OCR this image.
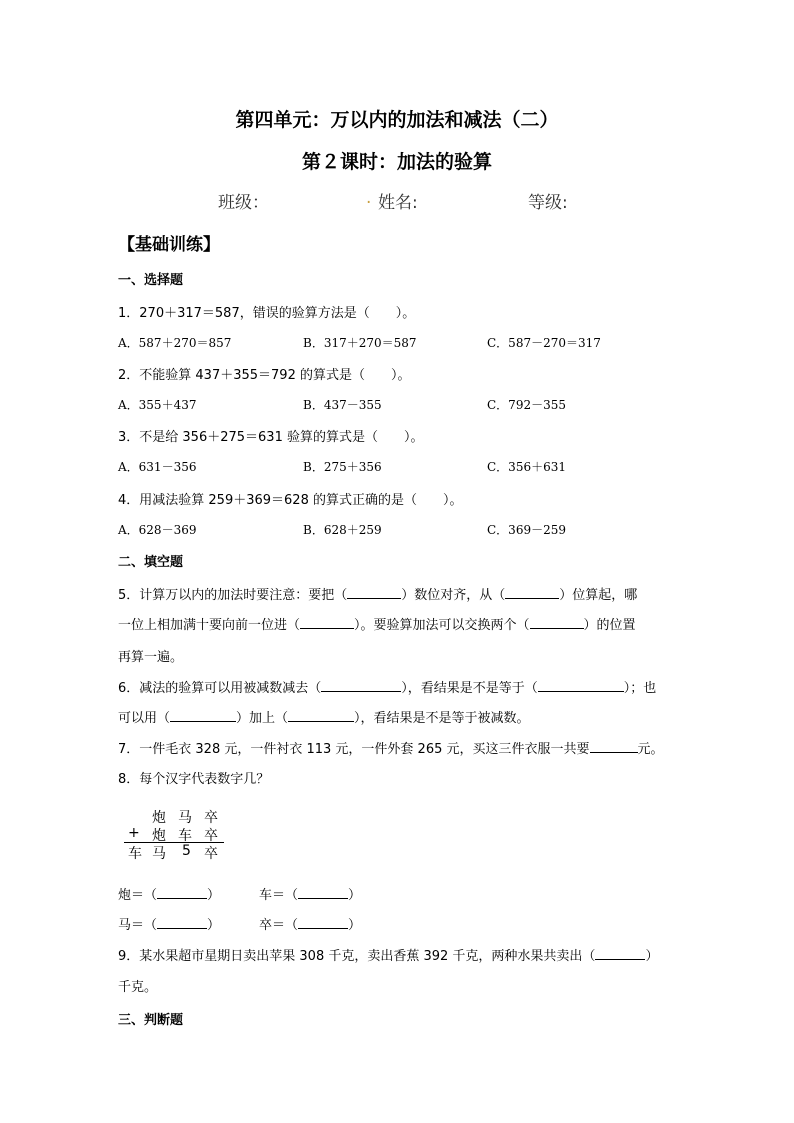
第四单元：万以内的加法和减法（二）
第２课时：加法的验算
班级：	. 姓名:	等级:
【基础训练】
一、选择题
1．270＋317＝587，错误的验算方法是（　　）。
A．587＋270＝857	B．317＋270＝587	C．587－270＝317
2．不能验算 437＋355＝792 的算式是（　　）。
A．355＋437	B．437－355	C．792－355
3．不是给 356＋275＝631 验算的算式是（　　）。
A．631－356	B．275＋356	C．356＋631
4．用减法验算 259＋369＝628 的算式正确的是（　　）。
A．628－369	B．628＋259	C．369－259
二、填空题
5．计算万以内的加法时要注意：要把（	）数位对齐，从（	）位算起，哪
一位上相加满十要向前一位进（	）。要验算加法可以交换两个（	）的位置
再算一遍。
6．减法的验算可以用被减数减去（	），看结果是不是等于（	）；也
可以用（	）加上（	），看结果是不是等于被减数。
7．一件毛衣 328 元，一件衬衣 113 元，一件外套 265 元，买这三件衣服一共要	元。
8．每个汉字代表数字几？
炮 马 卒
+ 炮 车 卒
车 马 5 卒
炮＝（	）	车＝（	）
马＝（	）	卒＝（	）
9．某水果超市星期日卖出苹果 308 千克，卖出香蕉 392 千克，两种水果共卖出（	）
千克。
三、判断题
